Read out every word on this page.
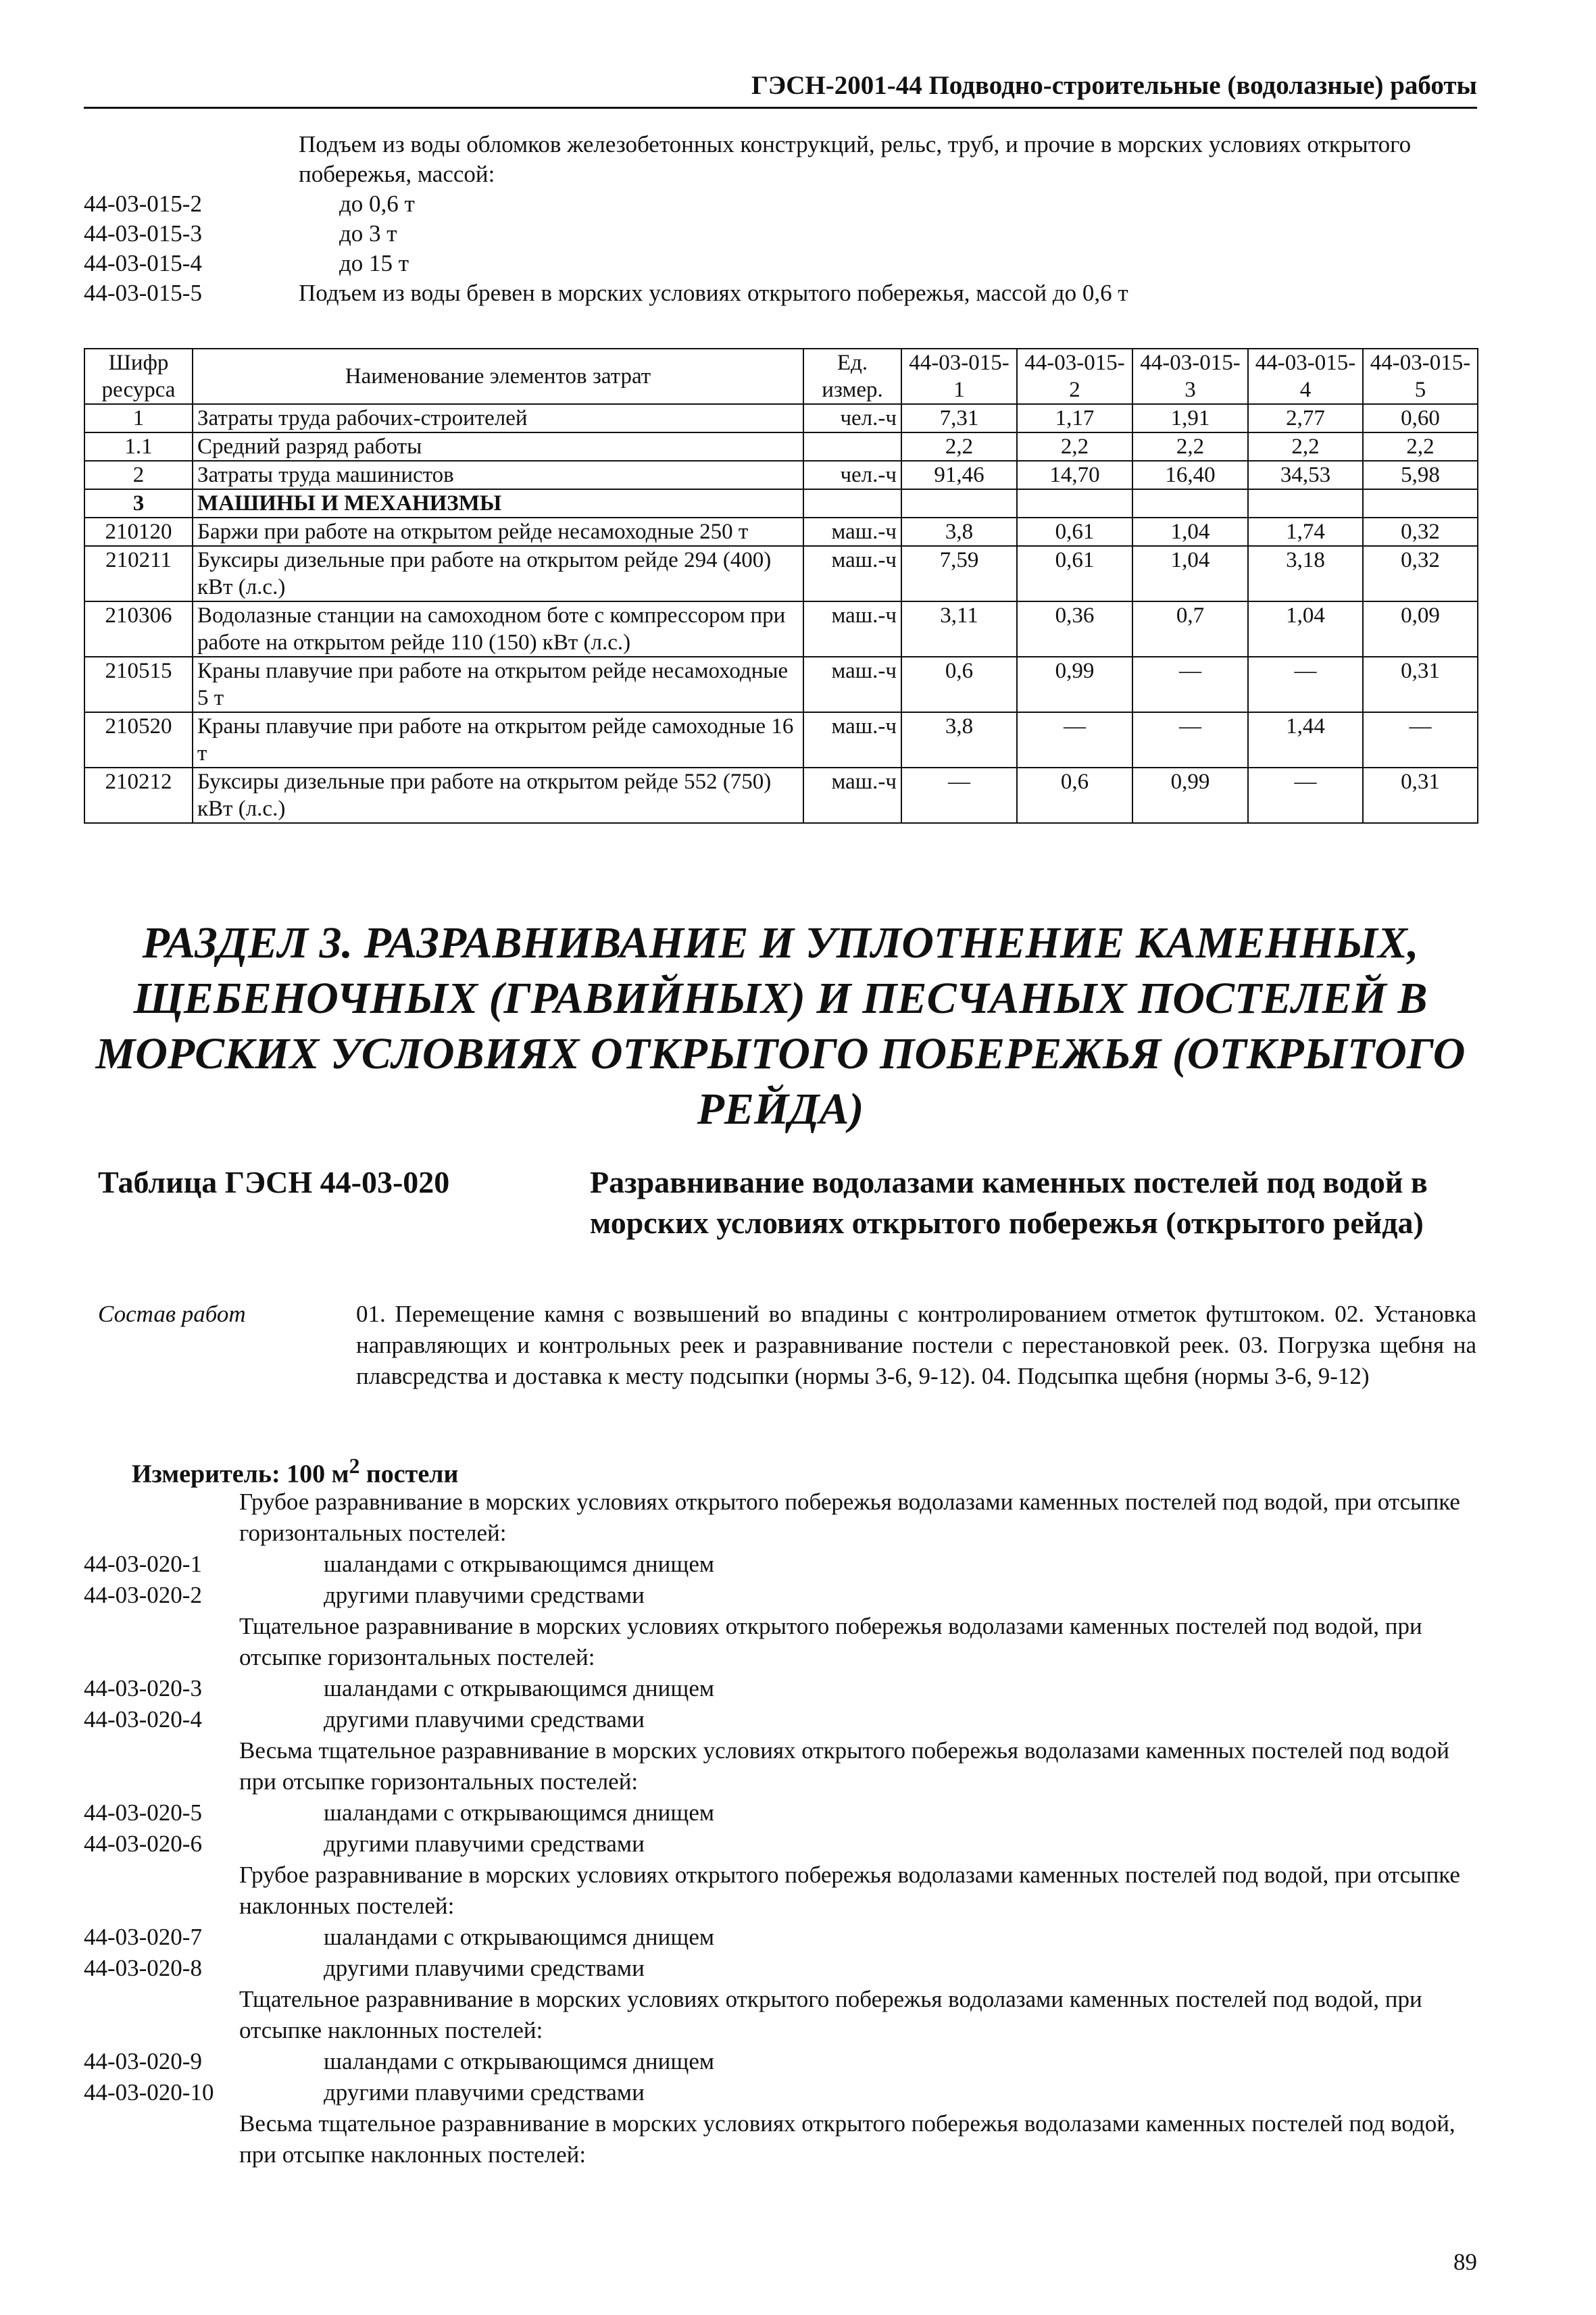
ГЭСН-2001-44 Подводно-строительные (водолазные) работы
Подъем из воды обломков железобетонных конструкций, рельс, труб, и прочие в морских условиях открытого побережья, массой:
44-03-015-2	до 0,6 т
44-03-015-3	до 3 т
44-03-015-4	до 15 т
44-03-015-5	Подъем из воды бревен в морских условиях открытого побережья, массой до 0,6 т
Шифр ресурса	Наименование элементов затрат	Ед. измер.	44-03-015-1	44-03-015-2	44-03-015-3	44-03-015-4	44-03-015-5
1	Затраты труда рабочих-строителей	чел.-ч	7,31	1,17	1,91	2,77	0,60
1.1	Средний разряд работы		2,2	2,2	2,2	2,2	2,2
2	Затраты труда машинистов	чел.-ч	91,46	14,70	16,40	34,53	5,98
3	МАШИНЫ И МЕХАНИЗМЫ						
210120	Баржи при работе на открытом рейде несамоходные 250 т	маш.-ч	3,8	0,61	1,04	1,74	0,32
210211	Буксиры дизельные при работе на открытом рейде 294 (400) кВт (л.с.)	маш.-ч	7,59	0,61	1,04	3,18	0,32
210306	Водолазные станции на самоходном боте с компрессором при работе на открытом рейде 110 (150) кВт (л.с.)	маш.-ч	3,11	0,36	0,7	1,04	0,09
210515	Краны плавучие при работе на открытом рейде несамоходные 5 т	маш.-ч	0,6	0,99	—	—	0,31
210520	Краны плавучие при работе на открытом рейде самоходные 16 т	маш.-ч	3,8	—	—	1,44	—
210212	Буксиры дизельные при работе на открытом рейде 552 (750) кВт (л.с.)	маш.-ч	—	0,6	0,99	—	0,31
РАЗДЕЛ 3. РАЗРАВНИВАНИЕ И УПЛОТНЕНИЕ КАМЕННЫХ, ЩЕБЕНОЧНЫХ (ГРАВИЙНЫХ) И ПЕСЧАНЫХ ПОСТЕЛЕЙ В МОРСКИХ УСЛОВИЯХ ОТКРЫТОГО ПОБЕРЕЖЬЯ (ОТКРЫТОГО РЕЙДА)
Таблица ГЭСН 44-03-020	Разравнивание водолазами каменных постелей под водой в морских условиях открытого побережья (открытого рейда)
Состав работ	01. Перемещение камня с возвышений во впадины с контролированием отметок футштоком. 02. Установка направляющих и контрольных реек и разравнивание постели с перестановкой реек. 03. Погрузка щебня на плавсредства и доставка к месту подсыпки (нормы 3-6, 9-12). 04. Подсыпка щебня (нормы 3-6, 9-12)
Измеритель: 100 $м^2$ постели
Грубое разравнивание в морских условиях открытого побережья водолазами каменных постелей под водой, при отсыпке горизонтальных постелей:
44-03-020-1	шаландами с открывающимся днищем
44-03-020-2	другими плавучими средствами
Тщательное разравнивание в морских условиях открытого побережья водолазами каменных постелей под водой, при отсыпке горизонтальных постелей:
44-03-020-3	шаландами с открывающимся днищем
44-03-020-4	другими плавучими средствами
Весьма тщательное разравнивание в морских условиях открытого побережья водолазами каменных постелей под водой при отсыпке горизонтальных постелей:
44-03-020-5	шаландами с открывающимся днищем
44-03-020-6	другими плавучими средствами
Грубое разравнивание в морских условиях открытого побережья водолазами каменных постелей под водой, при отсыпке наклонных постелей:
44-03-020-7	шаландами с открывающимся днищем
44-03-020-8	другими плавучими средствами
Тщательное разравнивание в морских условиях открытого побережья водолазами каменных постелей под водой, при отсыпке наклонных постелей:
44-03-020-9	шаландами с открывающимся днищем
44-03-020-10	другими плавучими средствами
Весьма тщательное разравнивание в морских условиях открытого побережья водолазами каменных постелей под водой, при отсыпке наклонных постелей:
89
